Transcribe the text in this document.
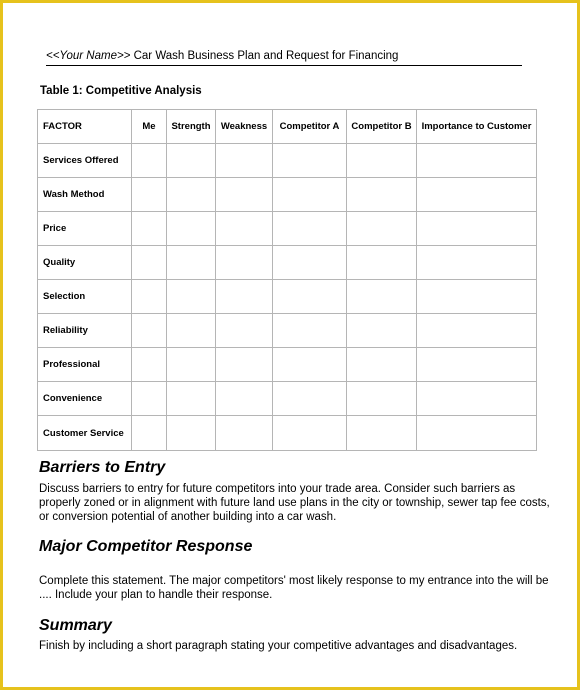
<<Your Name>> Car Wash Business Plan and Request for Financing
Table 1: Competitive Analysis
FACTOR	Me	Strength	Weakness	Competitor A	Competitor B	Importance to Customer
Services Offered						
Wash Method						
Price						
Quality						
Selection						
Reliability						
Professional						
Convenience						
Customer Service						
Barriers to Entry
Discuss barriers to entry for future competitors into your trade area. Consider such barriers as properly zoned or in alignment with future land use plans in the city or township, sewer tap fee costs, or conversion potential of another building into a car wash.
Major Competitor Response
Complete this statement. The major competitors' most likely response to my entrance into the will be .... Include your plan to handle their response.
Summary
Finish by including a short paragraph stating your competitive advantages and disadvantages.
